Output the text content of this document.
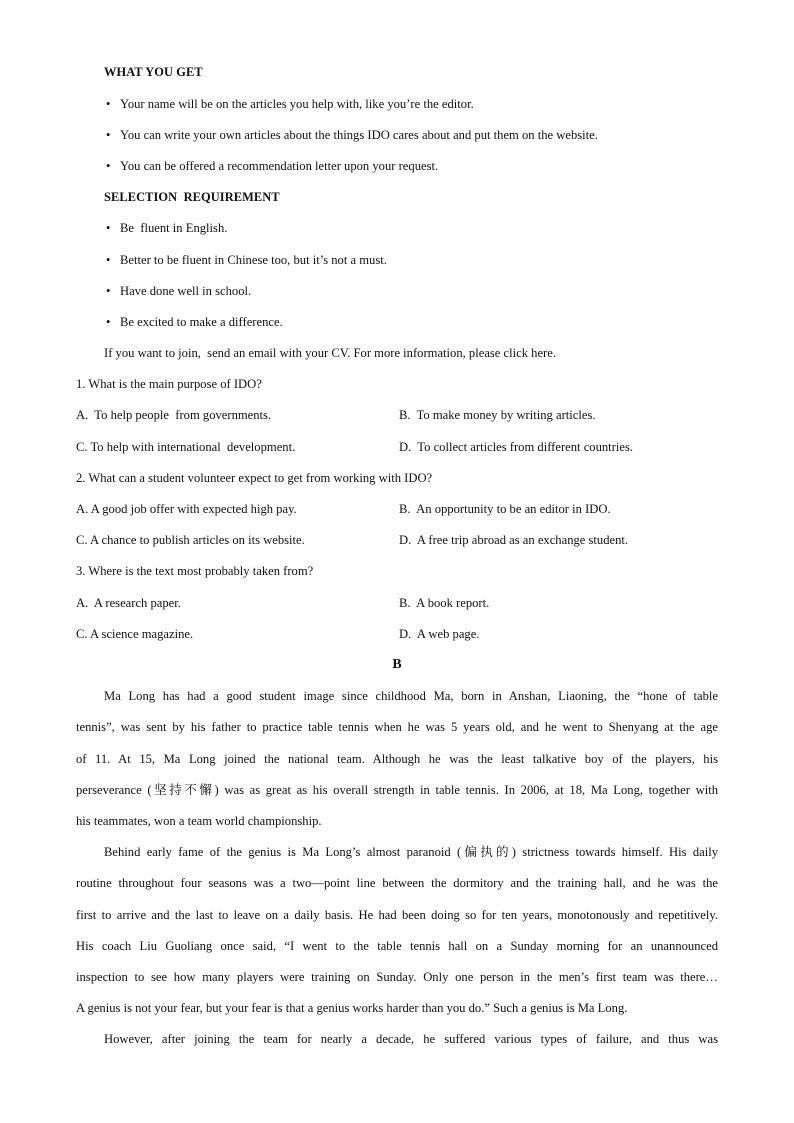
WHAT YOU GET
• Your name will be on the articles you help with, like you’re the editor.
• You can write your own articles about the things IDO cares about and put them on the website.
• You can be offered a recommendation letter upon your request.
SELECTION  REQUIREMENT
• Be  fluent in English.
• Better to be fluent in Chinese too, but it’s not a must.
• Have done well in school.
• Be excited to make a difference.
If you want to join,  send an email with your CV. For more information, please click here.
1. What is the main purpose of IDO?
A.  To help people  from governments.	B.  To make money by writing articles.
C. To help with international  development.	D.  To collect articles from different countries.
2. What can a student volunteer expect to get from working with IDO?
A. A good job offer with expected high pay.	B.  An opportunity to be an editor in IDO.
C. A chance to publish articles on its website.	D.  A free trip abroad as an exchange student.
3. Where is the text most probably taken from?
A.  A research paper.	B.  A book report.
C. A science magazine.	D.  A web page.
B
Ma Long has had a good student image since childhood Ma, born in Anshan, Liaoning, the “hone of table
tennis”, was sent by his father to practice table tennis when he was 5 years old, and he went to Shenyang at the age
of 11. At 15, Ma Long joined the national team. Although he was the least talkative boy of the players, his
perseverance (坚持不懈) was as great as his overall strength in table tennis. In 2006, at 18, Ma Long, together with
his teammates, won a team world championship.
Behind early fame of the genius is Ma Long’s almost paranoid (偏执的) strictness towards himself. His daily
routine throughout four seasons was a two—point line between the dormitory and the training hall, and he was the
first to arrive and the last to leave on a daily basis. He had been doing so for ten years, monotonously and repetitively.
His coach Liu Guoliang once said, “I went to the table tennis hall on a Sunday morning for an unannounced
inspection to see how many players were training on Sunday. Only one person in the men’s first team was there…
A genius is not your fear, but your fear is that a genius works harder than you do.” Such a genius is Ma Long.
However, after joining the team for nearly a decade, he suffered various types of failure, and thus was
